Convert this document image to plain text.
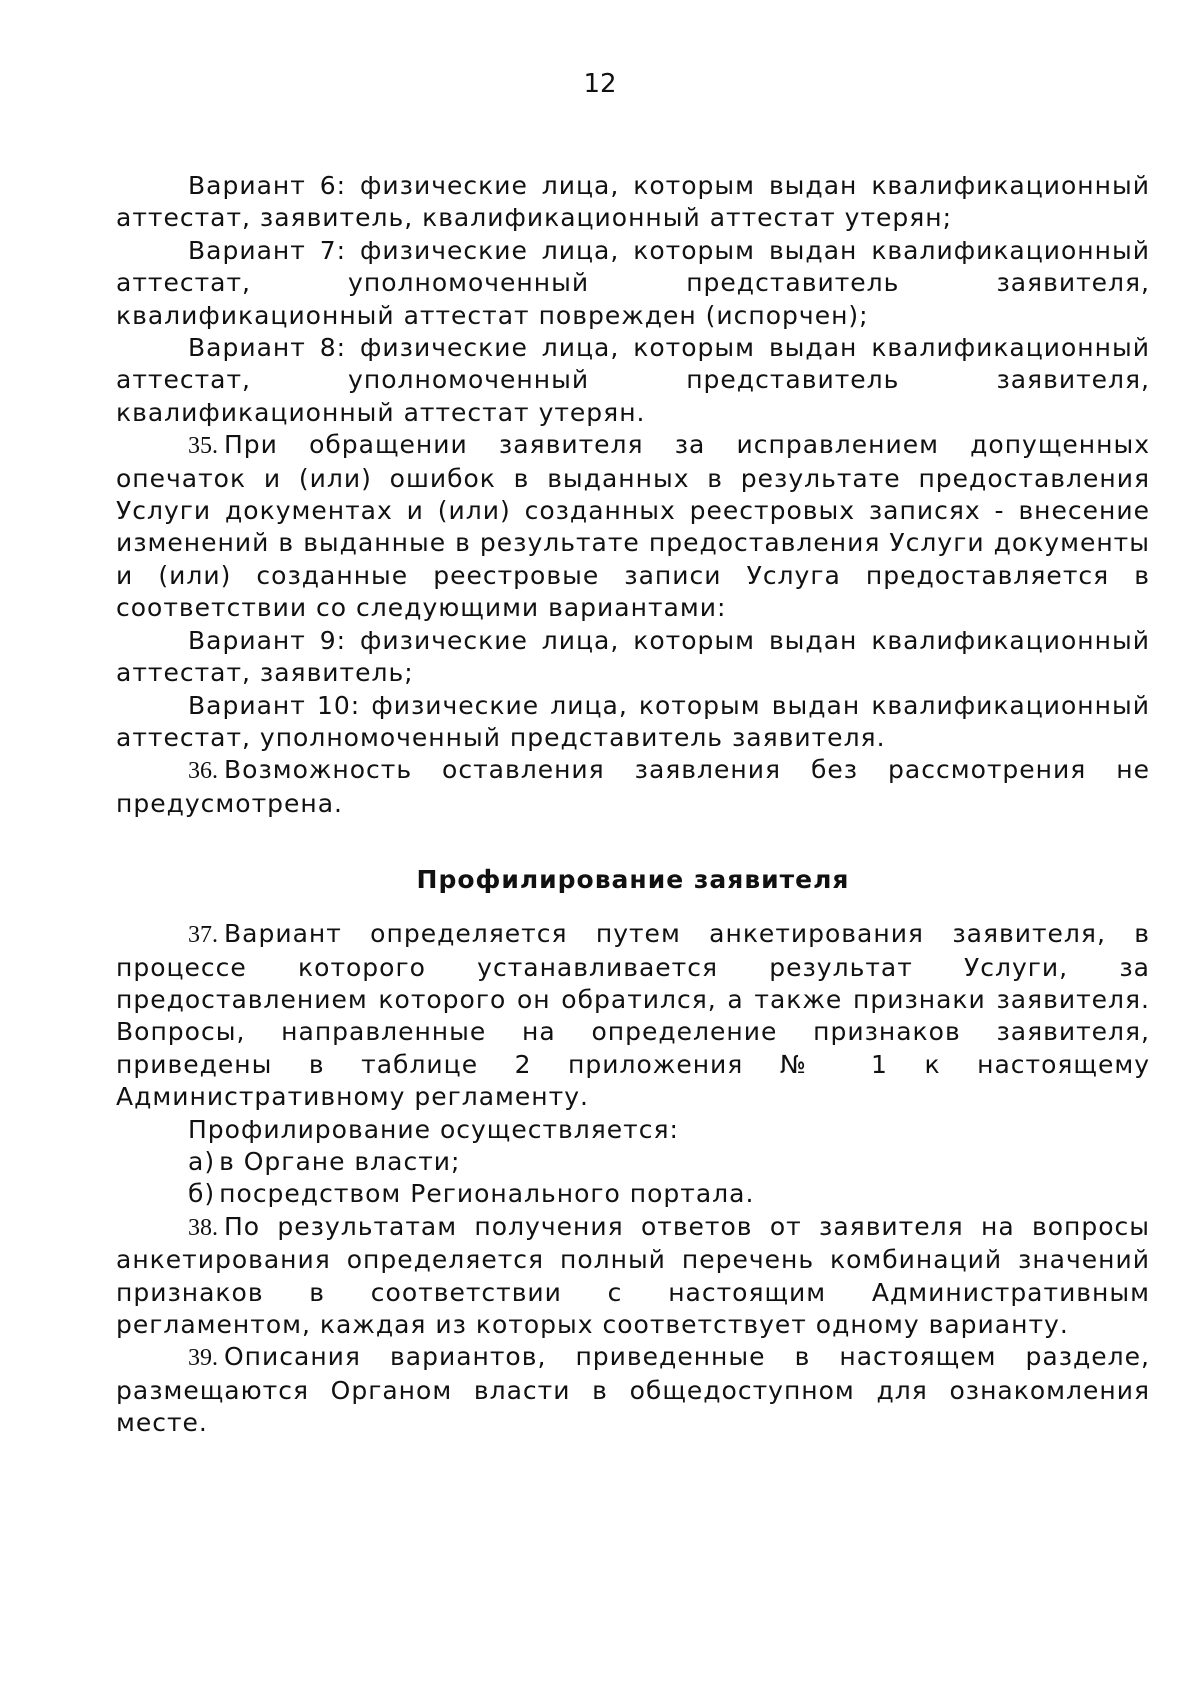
12

Вариант 6: физические лица, которым выдан квалификационный аттестат, заявитель, квалификационный аттестат утерян;

Вариант 7: физические лица, которым выдан квалификационный аттестат, уполномоченный представитель заявителя, квалификационный аттестат поврежден (испорчен);

Вариант 8: физические лица, которым выдан квалификационный аттестат, уполномоченный представитель заявителя, квалификационный аттестат утерян.

35. При обращении заявителя за исправлением допущенных опечаток и (или) ошибок в выданных в результате предоставления Услуги документах и (или) созданных реестровых записях - внесение изменений в выданные в результате предоставления Услуги документы и (или) созданные реестровые записи Услуга предоставляется в соответствии со следующими вариантами:

Вариант 9: физические лица, которым выдан квалификационный аттестат, заявитель;

Вариант 10: физические лица, которым выдан квалификационный аттестат, уполномоченный представитель заявителя.

36. Возможность оставления заявления без рассмотрения не предусмотрена.

Профилирование заявителя

37. Вариант определяется путем анкетирования заявителя, в процессе которого устанавливается результат Услуги, за предоставлением которого он обратился, а также признаки заявителя. Вопросы, направленные на определение признаков заявителя, приведены в таблице 2 приложения № 1 к настоящему Административному регламенту.

Профилирование осуществляется:

а) в Органе власти;

б) посредством Регионального портала.

38. По результатам получения ответов от заявителя на вопросы анкетирования определяется полный перечень комбинаций значений признаков в соответствии с настоящим Административным регламентом, каждая из которых соответствует одному варианту.

39. Описания вариантов, приведенные в настоящем разделе, размещаются Органом власти в общедоступном для ознакомления месте.
